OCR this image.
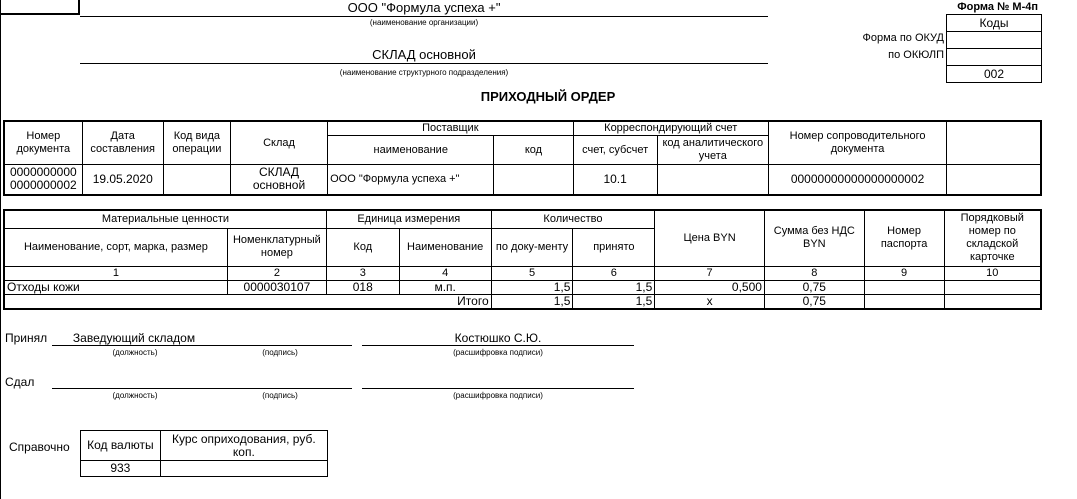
Форма № М-4п
ООО "Формула успеха +"
(наименование организации)
СКЛАД основной
(наименование структурного подразделения)
Форма по ОКУД
по ОКЮЛП
Коды

002
ПРИХОДНЫЙ ОРДЕР
Номер документа	Дата составления	Код вида операции	Склад	Поставщик		Корреспондирующий счет		Номер сопроводительного документа	
				наименование	код	счет, субсчет	код аналитического учета		
0000000000 0000000002	19.05.2020		СКЛАД основной	ООО "Формула успеха +"		10.1		00000000000000000002	
Материальные ценности		Единица измерения		Количество		Цена BYN	Сумма без НДС BYN	Номер паспорта	Порядковый номер по складской карточке
Наименование, сорт, марка, размер	Номенклатурный номер	Код	Наименование	по доку-менту	принято				
1	2	3	4	5	6	7	8	9	10
Отходы кожи	0000030107	018	м.п.	1,5	1,5	0,500	0,75		
Итого				1,5	1,5	х	0,75		
Принял	Заведующий складом
(должность)	(подпись)
Костюшко С.Ю.
(расшифровка подписи)
Сдал
(должность)	(подпись)	(расшифровка подписи)
Справочно Код валюты	Курс оприходования, руб. коп.
933	
